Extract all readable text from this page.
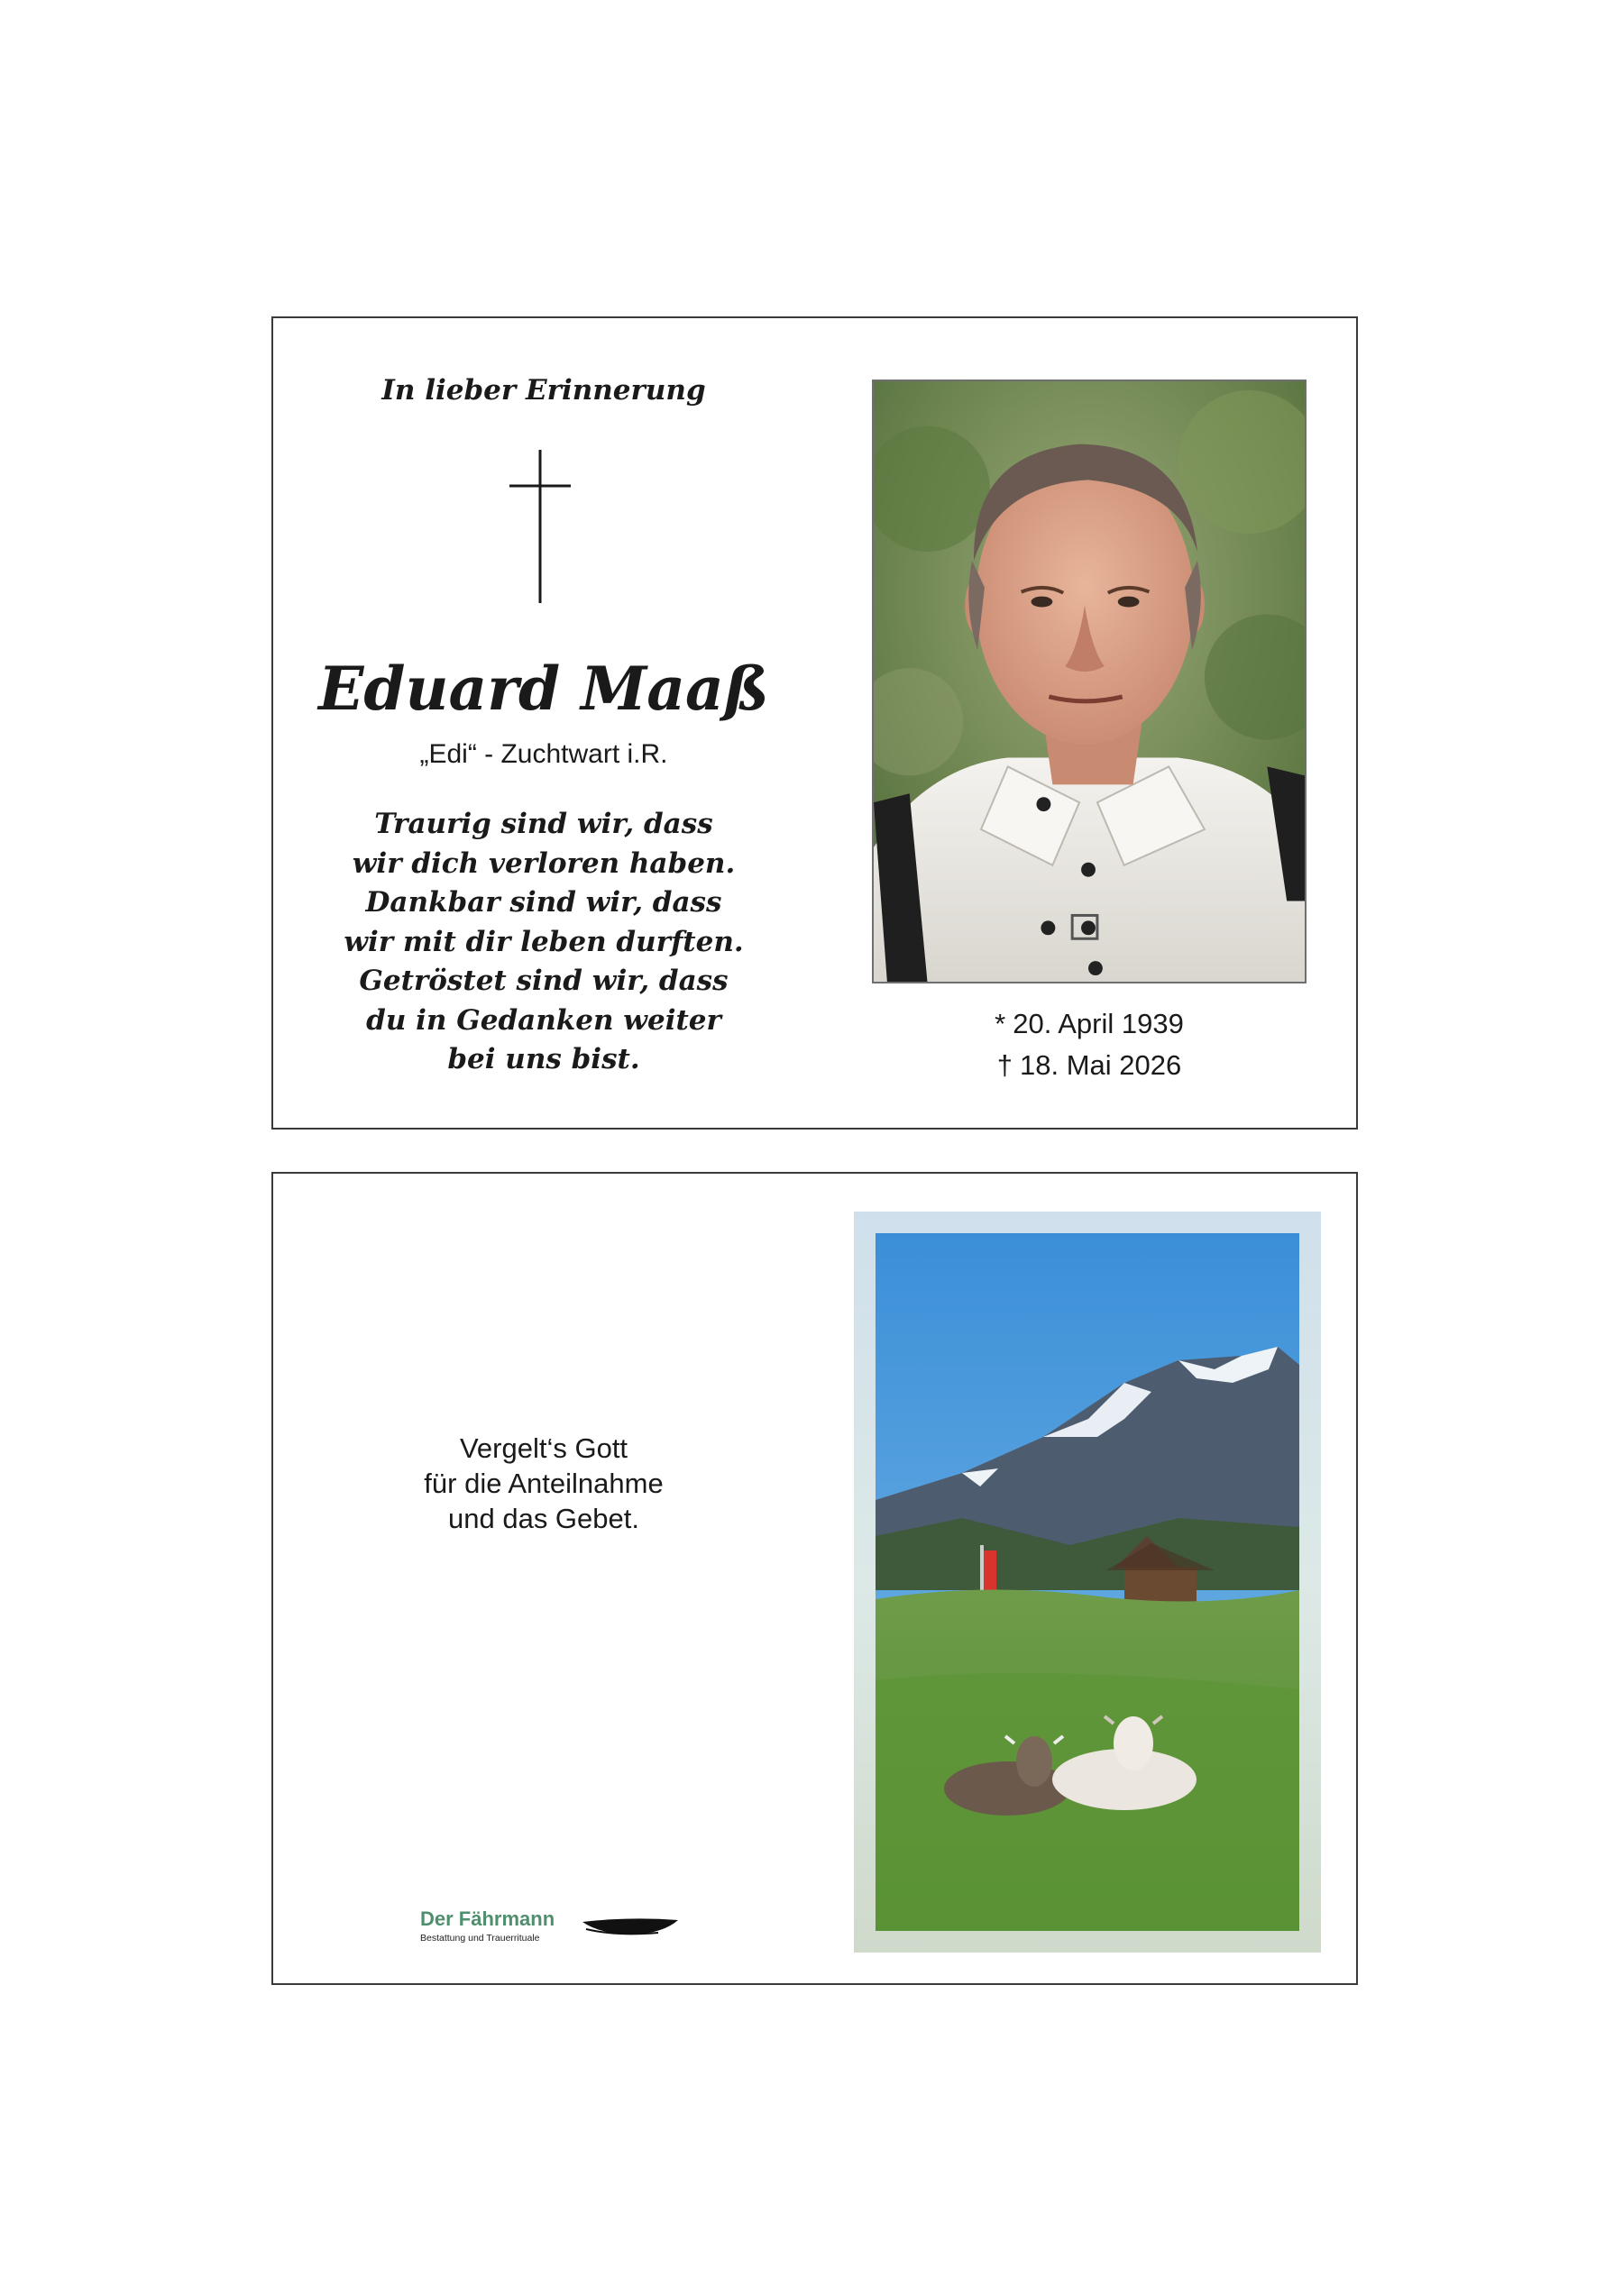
In lieber Erinnerung
Eduard Maaß
„Edi“ - Zuchtwart i.R.
Traurig sind wir, dass
wir dich verloren haben.
Dankbar sind wir, dass
wir mit dir leben durften.
Getröstet sind wir, dass
du in Gedanken weiter
bei uns bist.
* 20. April 1939
† 18. Mai 2026
Vergelt‘s Gott
für die Anteilnahme
und das Gebet.
Der Fährmann
Bestattung und Trauerrituale
